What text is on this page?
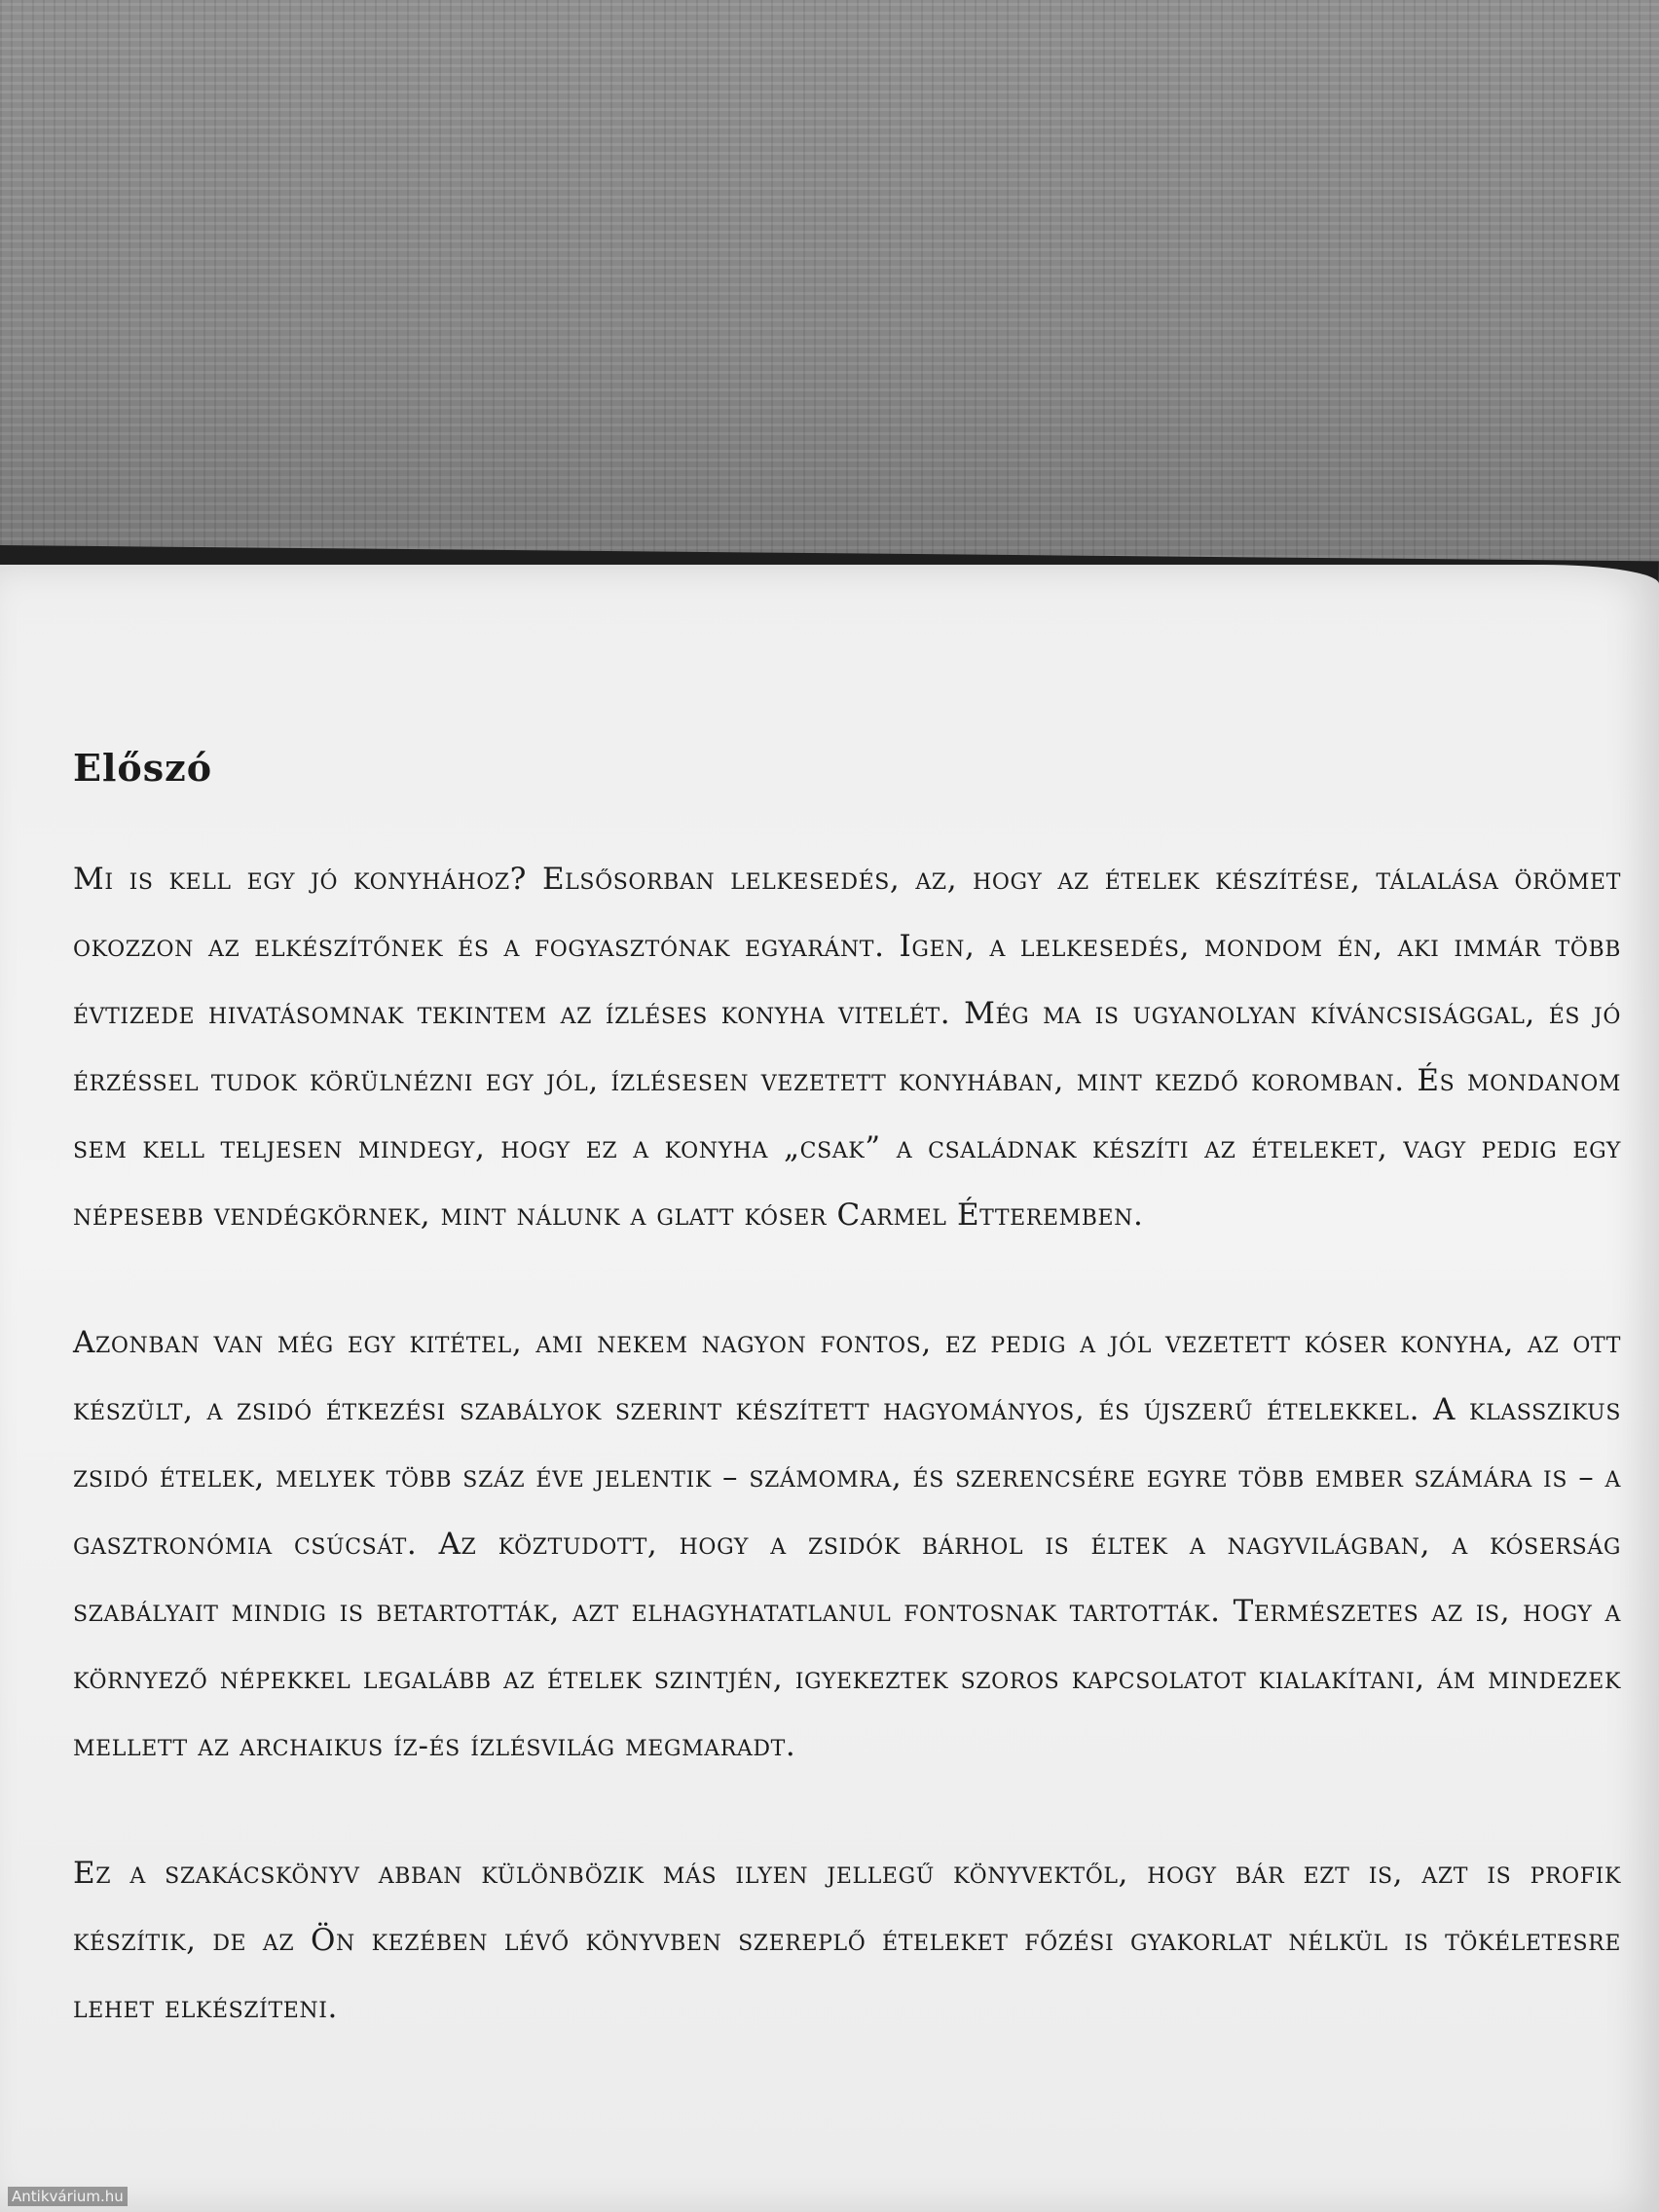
Előszó

Mi is kell egy jó konyhához? Elsősorban lelkesedés, az, hogy az ételek készítése, tálalása örömet okozzon az elkészítőnek és a fogyasztónak egyaránt. Igen, a lelkesedés, mondom én, aki immár több évtizede hivatásomnak tekintem az ízléses konyha vitelét. Még ma is ugyanolyan kíváncsisággal, és jó érzéssel tudok körülnézni egy jól, ízlésesen vezetett konyhában, mint kezdő koromban. És mondanom sem kell teljesen mindegy, hogy ez a konyha „csak” a családnak készíti az ételeket, vagy pedig egy népesebb vendégkörnek, mint nálunk a glatt kóser Carmel Étteremben.

Azonban van még egy kitétel, ami nekem nagyon fontos, ez pedig a jól vezetett kóser konyha, az ott készült, a zsidó étkezési szabályok szerint készített hagyományos, és újszerű ételekkel. A klasszikus zsidó ételek, melyek több száz éve jelentik – számomra, és szerencsére egyre több ember számára is – a gasztronómia csúcsát. Az köztudott, hogy a zsidók bárhol is éltek a nagyvilágban, a kóserság szabályait mindig is betartották, azt elhagyhatatlanul fontosnak tartották. Természetes az is, hogy a környező népekkel legalább az ételek szintjén, igyekeztek szoros kapcsolatot kialakítani, ám mindezek mellett az archaikus íz-és ízlésvilág megmaradt.

Ez a szakácskönyv abban különbözik más ilyen jellegű könyvektől, hogy bár ezt is, azt is profik készítik, de az Ön kezében lévő könyvben szereplő ételeket főzési gyakorlat nélkül is tökéletesre lehet elkészíteni.

Antikvárium.hu
